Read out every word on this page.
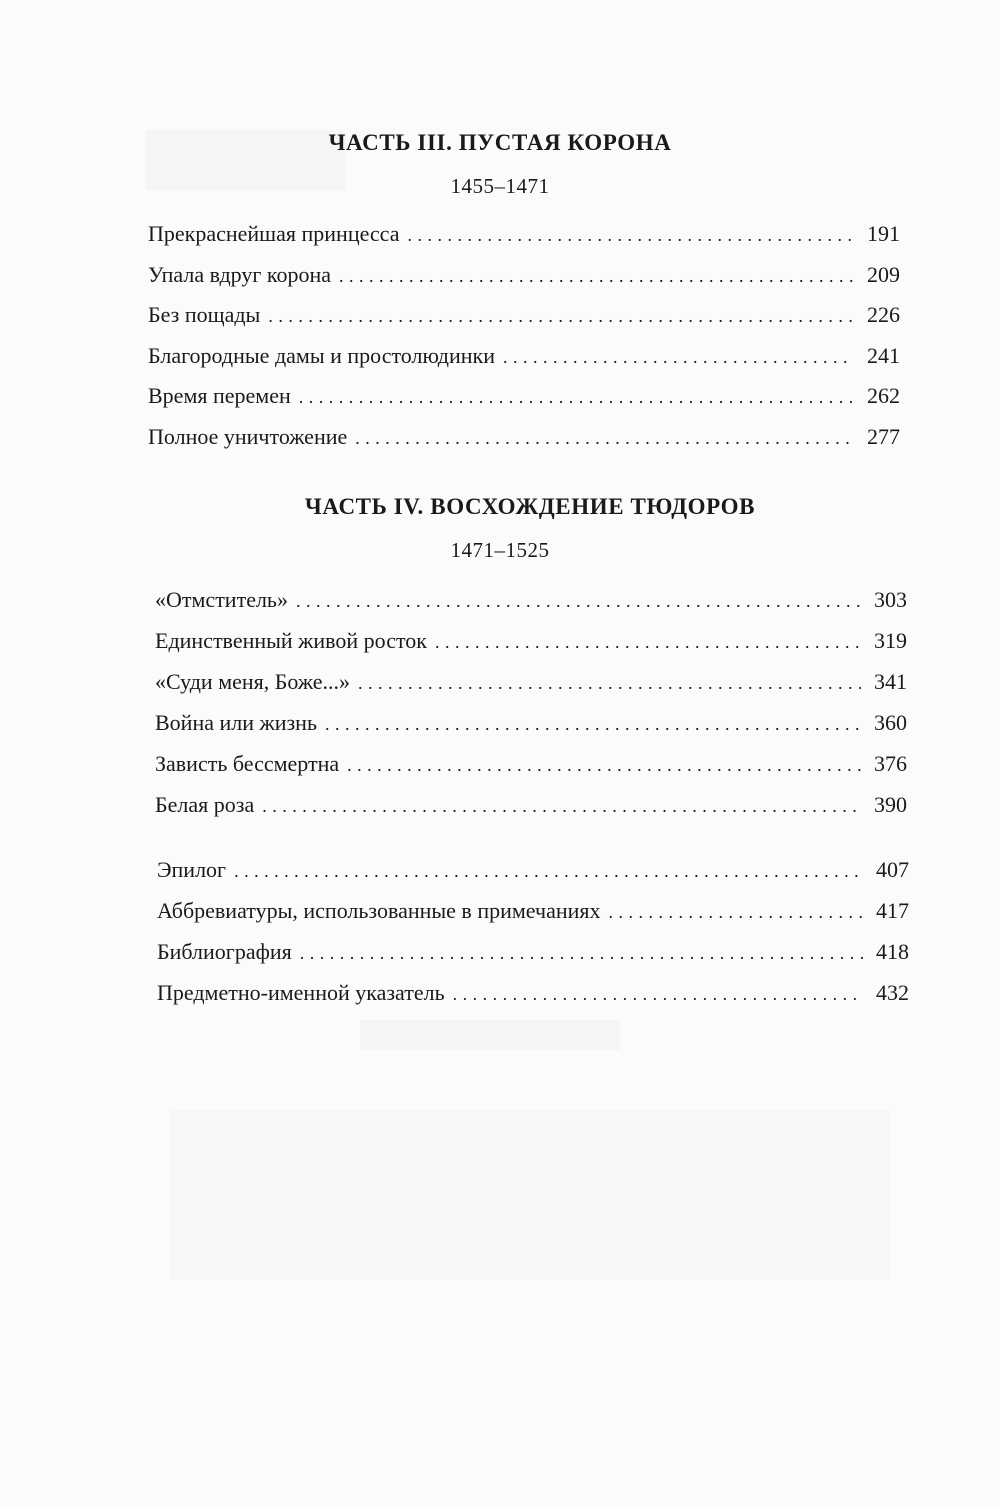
ЧАСТЬ III. ПУСТАЯ КОРОНА

1455–1471

Прекраснейшая принцесса . . .	191
Упала вдруг корона . . .	209
Без пощады . . .	226
Благородные дамы и простолюдинки . . .	241
Время перемен . . .	262
Полное уничтожение . . .	277
ЧАСТЬ IV. ВОСХОЖДЕНИЕ ТЮДОРОВ

1471–1525

«Отмститель» . . .	303
Единственный живой росток . . .	319
«Суди меня, Боже...» . . .	341
Война или жизнь . . .	360
Зависть бессмертна . . .	376
Белая роза . . .	390
Эпилог . . .	407
Аббревиатуры, использованные в примечаниях . . .	417
Библиография . . .	418
Предметно-именной указатель . . .	432
